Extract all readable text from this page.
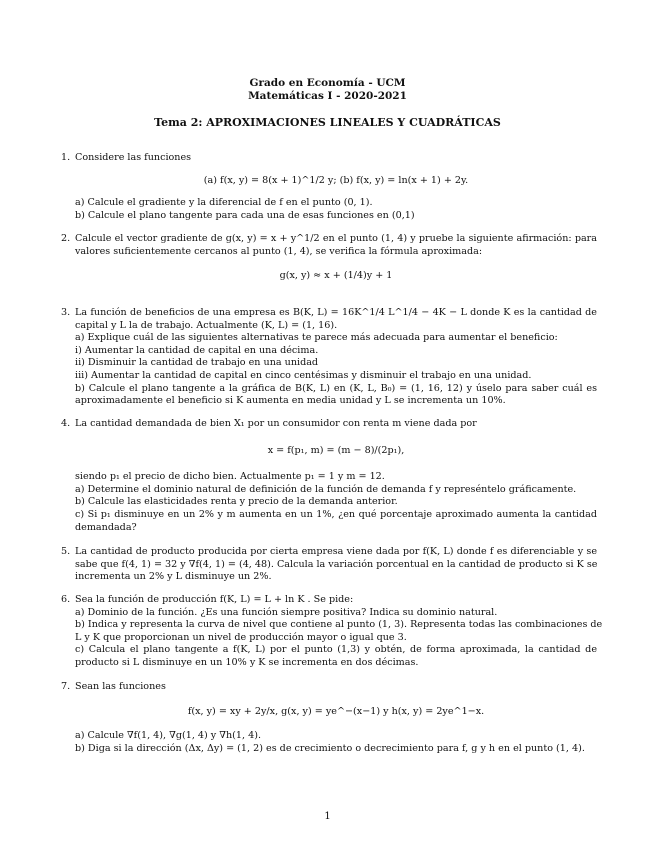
Grado en Economía - UCM
Matemáticas I - 2020-2021
Tema 2: APROXIMACIONES LINEALES Y CUADRÁTICAS
1. Considere las funciones
(a) f(x, y) = 8(x + 1)^1/2 y; (b) f(x, y) = ln(x + 1) + 2y.
a) Calcule el gradiente y la diferencial de f en el punto (0, 1).
b) Calcule el plano tangente para cada una de esas funciones en (0,1)
2. Calcule el vector gradiente de g(x, y) = x + y^1/2 en el punto (1, 4) y pruebe la siguiente afirmación: para
valores suficientemente cercanos al punto (1, 4), se verifica la fórmula aproximada:
g(x, y) ≈ x + (1/4)y + 1
3. La función de beneficios de una empresa es B(K, L) = 16K^1/4 L^1/4 − 4K − L donde K es la cantidad de
capital y L la de trabajo. Actualmente (K, L) = (1, 16).
a) Explique cuál de las siguientes alternativas te parece más adecuada para aumentar el beneficio:
i) Aumentar la cantidad de capital en una décima.
ii) Disminuir la cantidad de trabajo en una unidad
iii) Aumentar la cantidad de capital en cinco centésimas y disminuir el trabajo en una unidad.
b) Calcule el plano tangente a la gráfica de B(K, L) en (K, L, B₀) = (1, 16, 12) y úselo para saber cuál es
aproximadamente el beneficio si K aumenta en media unidad y L se incrementa un 10%.
4. La cantidad demandada de bien X₁ por un consumidor con renta m viene dada por
x = f(p₁, m) = (m − 8)/(2p₁),
siendo p₁ el precio de dicho bien. Actualmente p₁ = 1 y m = 12.
a) Determine el dominio natural de definición de la función de demanda f y represéntelo gráficamente.
b) Calcule las elasticidades renta y precio de la demanda anterior.
c) Si p₁ disminuye en un 2% y m aumenta en un 1%, ¿en qué porcentaje aproximado aumenta la cantidad
demandada?
5. La cantidad de producto producida por cierta empresa viene dada por f(K, L) donde f es diferenciable y se
sabe que f(4, 1) = 32 y ∇f(4, 1) = (4, 48). Calcula la variación porcentual en la cantidad de producto si K se
incrementa un 2% y L disminuye un 2%.
6. Sea la función de producción f(K, L) = L + ln K . Se pide:
a) Dominio de la función. ¿Es una función siempre positiva? Indica su dominio natural.
b) Indica y representa la curva de nivel que contiene al punto (1, 3). Representa todas las combinaciones de
L y K que proporcionan un nivel de producción mayor o igual que 3.
c) Calcula el plano tangente a f(K, L) por el punto (1,3) y obtén, de forma aproximada, la cantidad de
producto si L disminuye en un 10% y K se incrementa en dos décimas.
7. Sean las funciones
f(x, y) = xy + 2y/x, g(x, y) = ye^−(x−1) y h(x, y) = 2ye^1−x.
a) Calcule ∇f(1, 4), ∇g(1, 4) y ∇h(1, 4).
b) Diga si la dirección (Δx, Δy) = (1, 2) es de crecimiento o decrecimiento para f, g y h en el punto (1, 4).
1
